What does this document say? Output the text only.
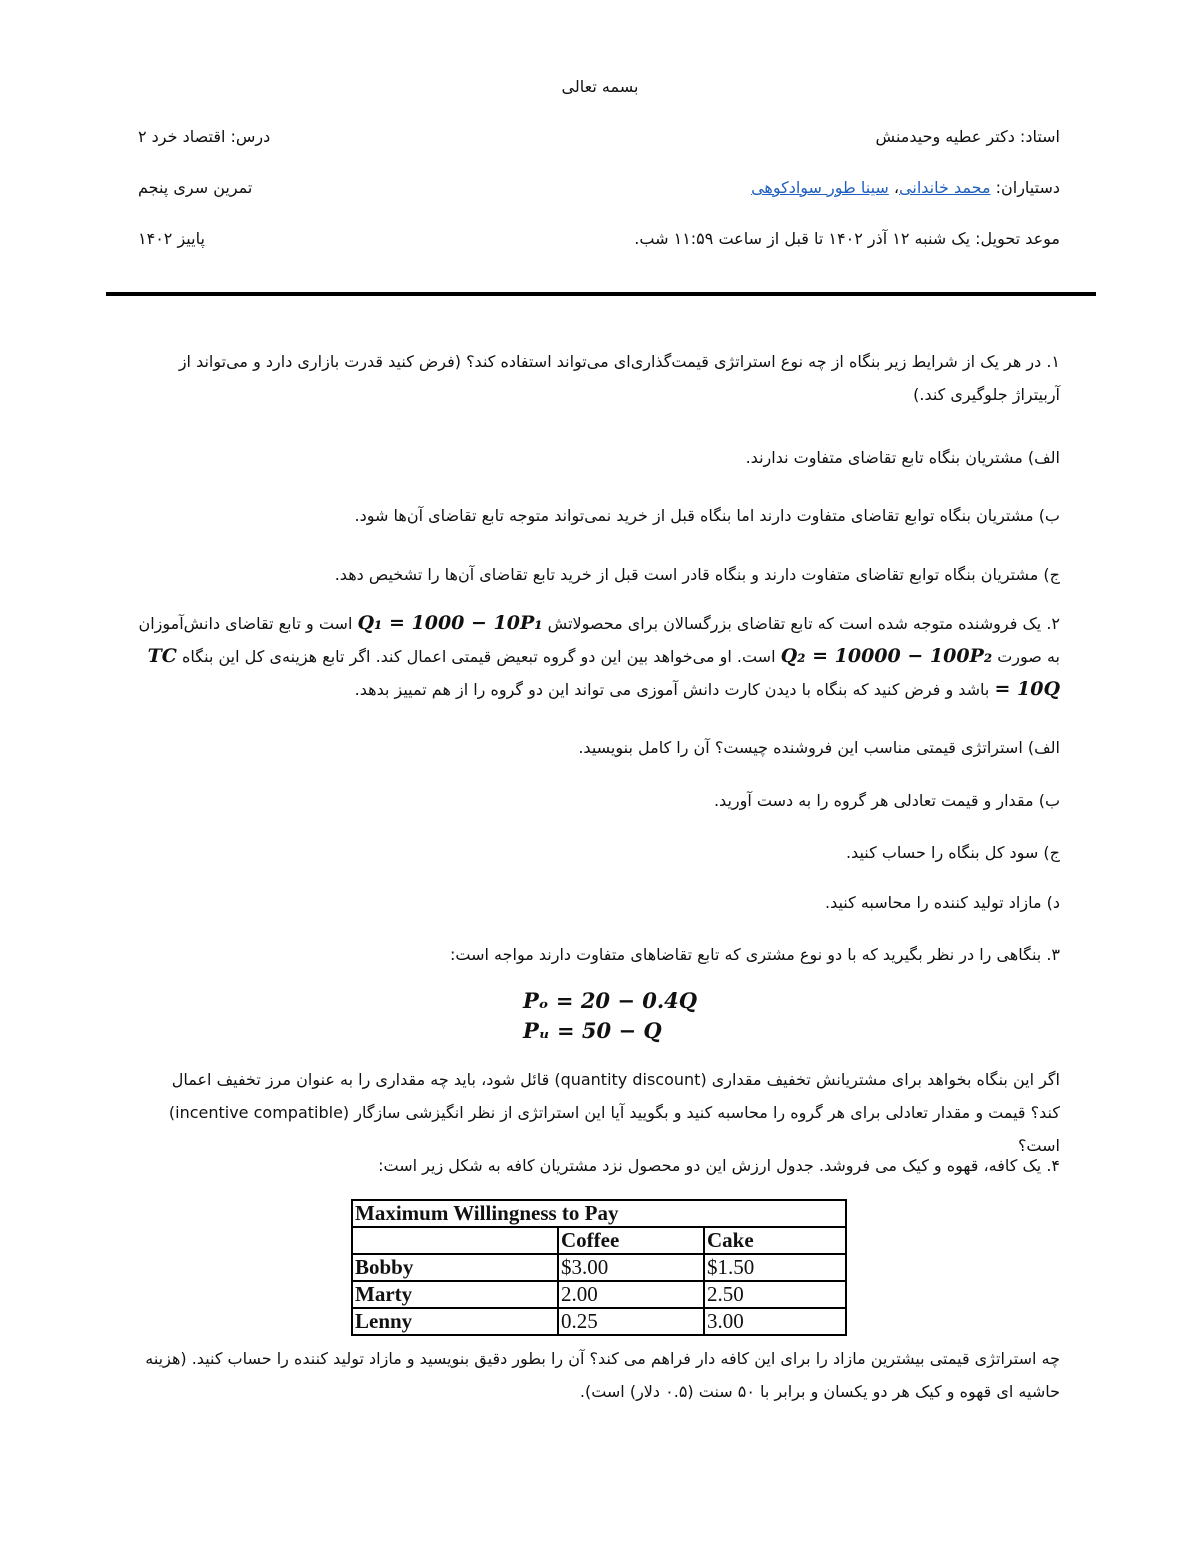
بسمه تعالی
استاد: دکتر عطیه وحیدمنش
درس: اقتصاد خرد ۲
دستیاران: محمد خاندانی، سینا طور سوادکوهی
تمرین سری پنجم
موعد تحویل: یک شنبه ۱۲ آذر ۱۴۰۲ تا قبل از ساعت ۱۱:۵۹ شب.
پاییز ۱۴۰۲
۱. در هر یک از شرایط زیر بنگاه از چه نوع استراتژی قیمت‌گذاری‌ای می‌تواند استفاده کند؟ (فرض کنید قدرت بازاری دارد و می‌تواند از آربیتراژ جلوگیری کند.)
الف) مشتریان بنگاه تابع تقاضای متفاوت ندارند.
ب) مشتریان بنگاه توابع تقاضای متفاوت دارند اما بنگاه قبل از خرید نمی‌تواند متوجه تابع تقاضای آن‌ها شود.
ج) مشتریان بنگاه توابع تقاضای متفاوت دارند و بنگاه قادر است قبل از خرید تابع تقاضای آن‌ها را تشخیص دهد.
۲. یک فروشنده متوجه شده است که تابع تقاضای بزرگسالان برای محصولاتش Q₁ = 1000 − 10P₁ است و تابع تقاضای دانش‌آموزان به صورت Q₂ = 10000 − 100P₂ است. او می‌خواهد بین این دو گروه تبعیض قیمتی اعمال کند. اگر تابع هزینه‌ی کل این بنگاه TC = 10Q باشد و فرض کنید که بنگاه با دیدن کارت دانش آموزی می تواند این دو گروه را از هم تمییز بدهد.
الف) استراتژی قیمتی مناسب این فروشنده چیست؟ آن را کامل بنویسید.
ب) مقدار و قیمت تعادلی هر گروه را به دست آورید.
ج) سود کل بنگاه را حساب کنید.
د) مازاد تولید کننده را محاسبه کنید.
۳. بنگاهی را در نظر بگیرید که با دو نوع مشتری که تابع تقاضاهای متفاوت دارند مواجه است:
Pₒ = 20 − 0.4Q
Pᵤ = 50 − Q
اگر این بنگاه بخواهد برای مشتریانش تخفیف مقداری (quantity discount) قائل شود، باید چه مقداری را به عنوان مرز تخفیف اعمال کند؟ قیمت و مقدار تعادلی برای هر گروه را محاسبه کنید و بگویید آیا این استراتژی از نظر انگیزشی سازگار (incentive compatible) است؟
۴. یک کافه، قهوه و کیک می فروشد. جدول ارزش این دو محصول نزد مشتریان کافه به شکل زیر است:
Maximum Willingness to Pay		
	Coffee	Cake
Bobby	$3.00	$1.50
Marty	2.00	2.50
Lenny	0.25	3.00
چه استراتژی قیمتی بیشترین مازاد را برای این کافه دار فراهم می کند؟ آن را بطور دقیق بنویسید و مازاد تولید کننده را حساب کنید. (هزینه حاشیه ای قهوه و کیک هر دو یکسان و برابر با ۵۰ سنت (۰.۵ دلار) است).
